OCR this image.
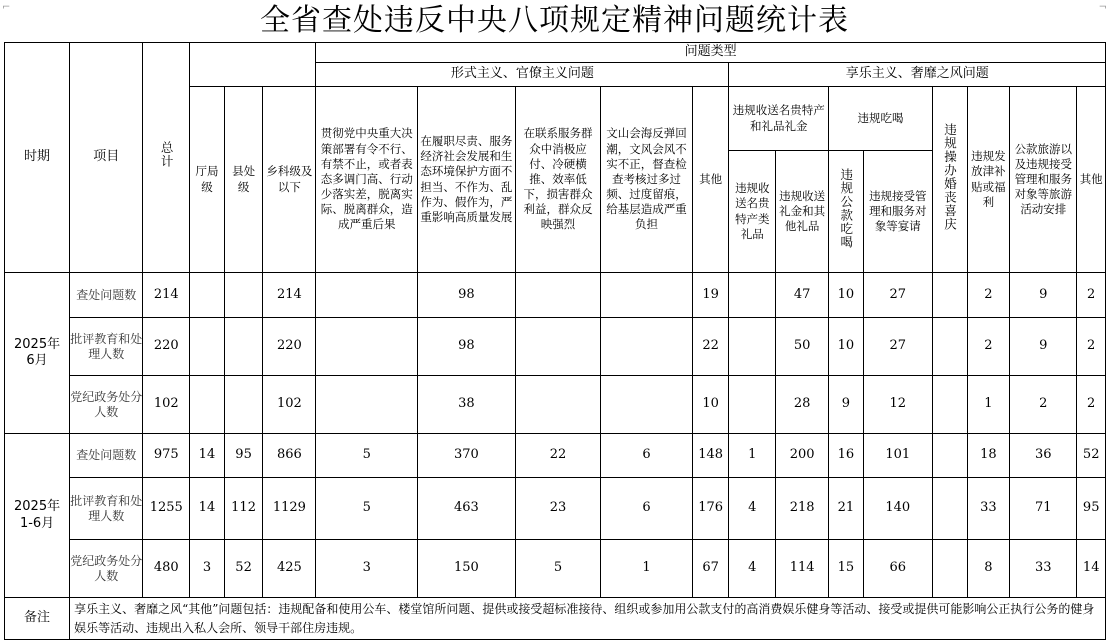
⌐	全省查处违反中央八项规定精神问题统计表	¬
时期	项目	总计				问题类型												
						形式主义、官僚主义问题					享乐主义、奢靡之风问题							
			厅局级	县处级	乡科级及以下	贯彻党中央重大决策部署有令不行、有禁不止，或者表态多调门高、行动少落实差，脱离实际、脱离群众，造成严重后果	在履职尽责、服务经济社会发展和生态环境保护方面不担当、不作为、乱作为、假作为，严重影响高质量发展	在联系服务群众中消极应付、冷硬横推、效率低下，损害群众利益，群众反映强烈	文山会海反弹回潮，文风会风不实不正，督查检查考核过多过频、过度留痕，给基层造成严重负担	其他	违规收送名贵特产和礼品礼金		违规吃喝		违规操办婚丧喜庆	违规发放津补贴或福利	公款旅游以及违规接受管理和服务对象等旅游活动安排	其他
											违规收送名贵特产类礼品	违规收送礼金和其他礼品	违规公款吃喝	违规接受管理和服务对象等宴请				
2025年6月	查处问题数	214			214		98			19		47	10	27		2	9	2
	批评教育和处理人数	220			220		98			22		50	10	27		2	9	2
	党纪政务处分人数	102			102		38			10		28	9	12		1	2	2
2025年1-6月	查处问题数	975	14	95	866	5	370	22	6	148	1	200	16	101		18	36	52
	批评教育和处理人数	1255	14	112	1129	5	463	23	6	176	4	218	21	140		33	71	95
	党纪政务处分人数	480	3	52	425	3	150	5	1	67	4	114	15	66		8	33	14
备注	享乐主义、奢靡之风“其他”问题包括：违规配备和使用公车、楼堂馆所问题、提供或接受超标准接待、组织或参加用公款支付的高消费娱乐健身等活动、接受或提供可能影响公正执行公务的健身娱乐等活动、违规出入私人会所、领导干部住房违规。																	
